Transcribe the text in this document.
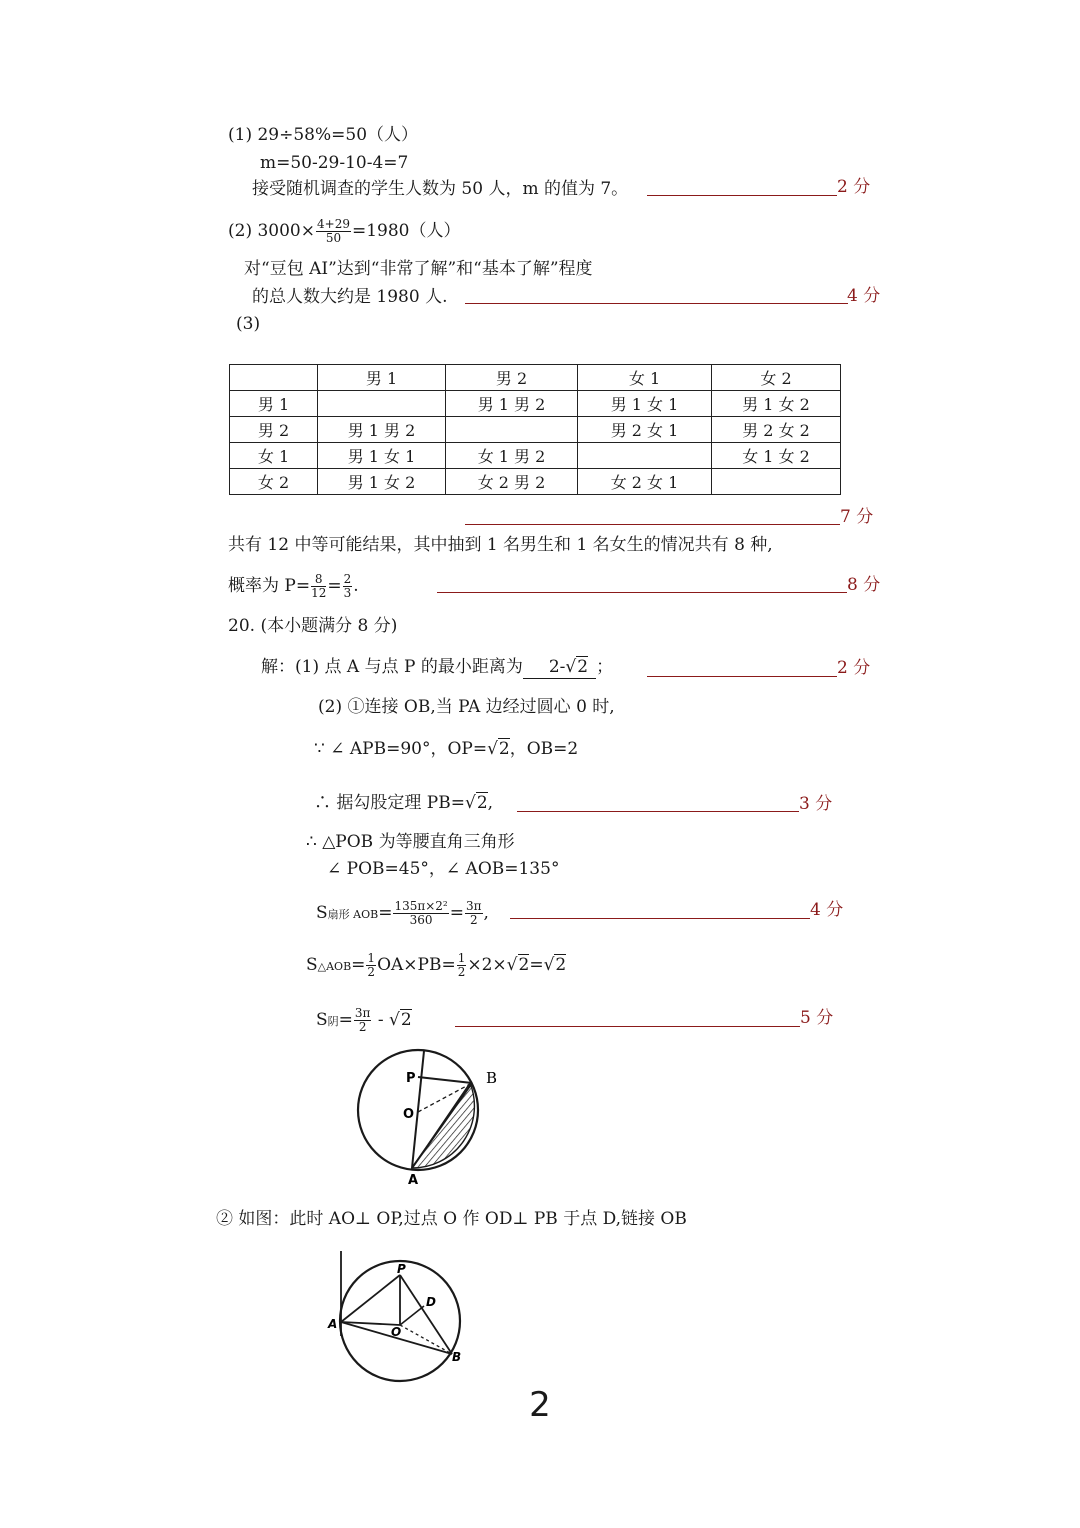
(1) 29÷58%=50（人）
m=50-29-10-4=7
接受随机调查的学生人数为 50 人，m 的值为 7。	2 分
(2) $3000\times \frac{4+29}{50} =1980$（人）
对“豆包 AI”达到“非常了解”和“基本了解”程度
的总人数大约是 1980 人.	4 分
(3)
	男 1	男 2	女 1	女 2
男 1		男 1 男 2	男 1 女 1	男 1 女 2
男 2	男 1 男 2		男 2 女 1	男 2 女 2
女 1	男 1 女 1	女 1 男 2		女 1 女 2
女 2	男 1 女 2	女 2 男 2	女 2 女 1	
7 分
共有 12 中等可能结果，其中抽到 1 名男生和 1 名女生的情况共有 8 种,
概率为 $P= \frac{8}{12} = \frac{2}{3}$ .	8 分
20. (本小题满分 8 分)
解：(1) 点 A 与点 P 的最小距离为 2-√2 ；	2 分
(2) ①连接 OB,当 PA 边经过圆心 0 时,
∵ ∠ APB=90°，OP=√2，OB=2
∴ 据勾股定理 PB=√2,	3 分
∴ △POB 为等腰直角三角形
∠ POB=45°，∠ AOB=135°
S扇形 $AOB= \frac{\text{135π×2²}}{360} = \frac{3\pi}{2}$ ,	4 分
S△AOB= $\frac{1}{2} OA\times PB= \frac{1}{2} \times 2\times√2=√2$
S阴= $\frac{3\pi}{2} - √2$	5 分
P	B
O
A
② 如图：此时 AO⊥ OP,过点 O 作 OD⊥ PB 于点 D,链接 OB
P
D
A
O
B
2
